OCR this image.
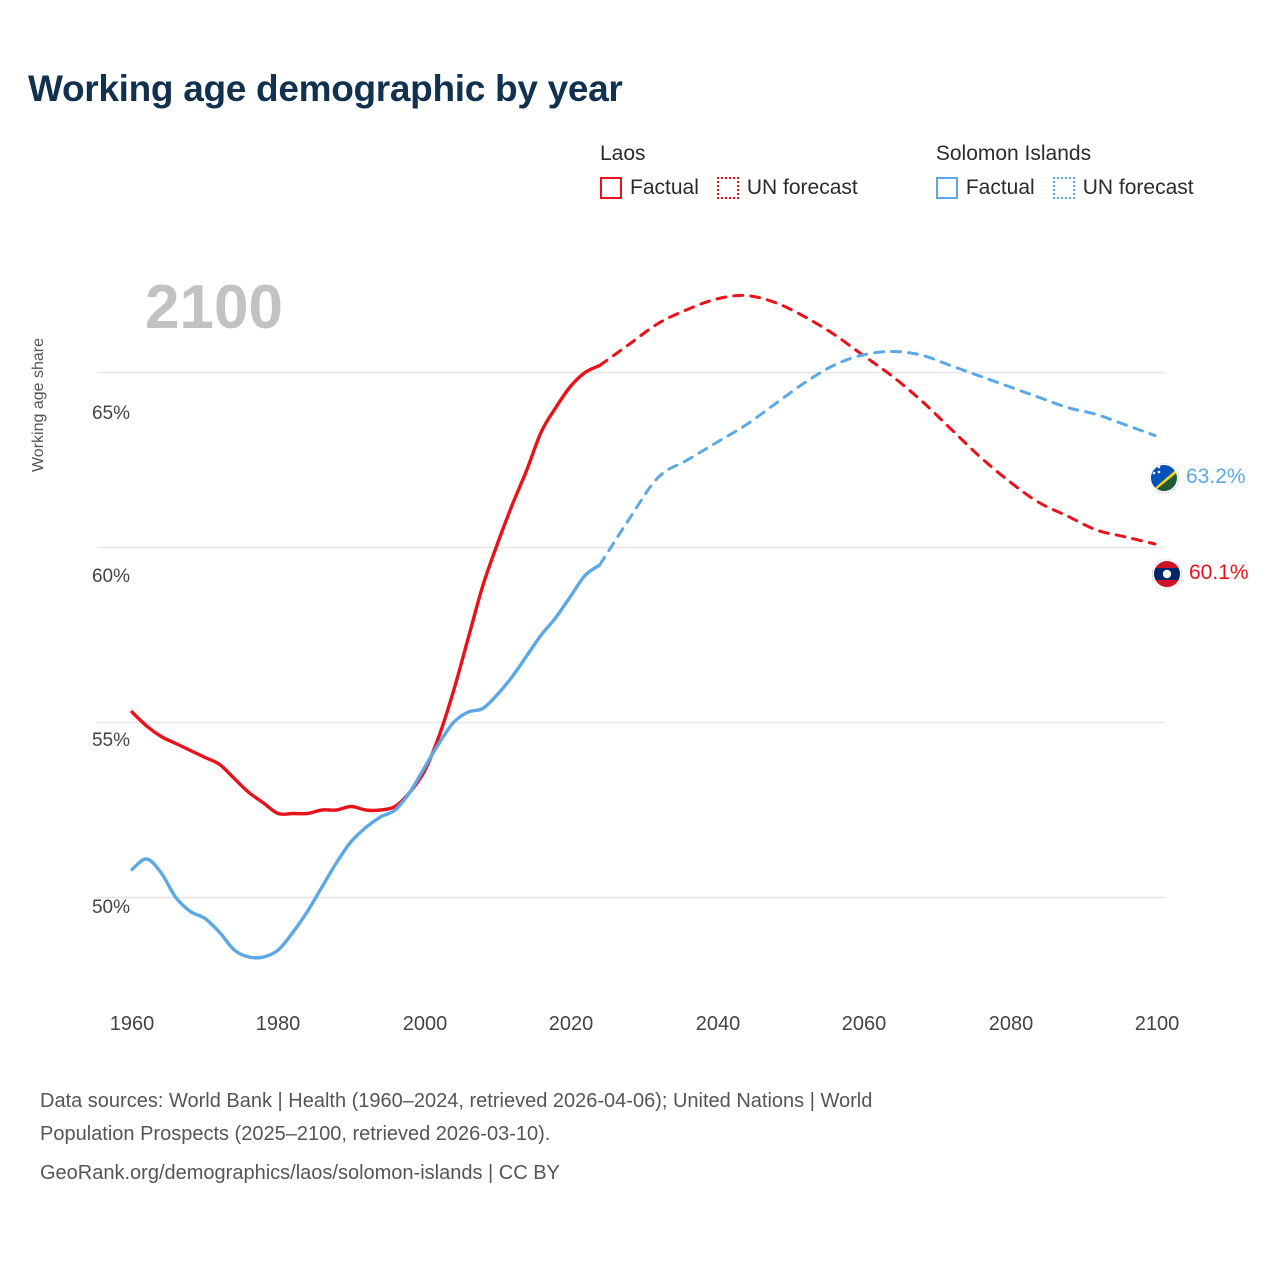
Working age demographic by year
Laos
Factual UN forecast

Solomon Islands
Factual UN forecast
2100
Working age share
50%
55%
60%
65%
1960	1980	2000	2020	2040	2060	2080	2100
63.2%
60.1%
Data sources: World Bank | Health (1960–2024, retrieved 2026-04-06); United Nations | World
Population Prospects (2025–2100, retrieved 2026-03-10).
GeoRank.org/demographics/laos/solomon-islands | CC BY
